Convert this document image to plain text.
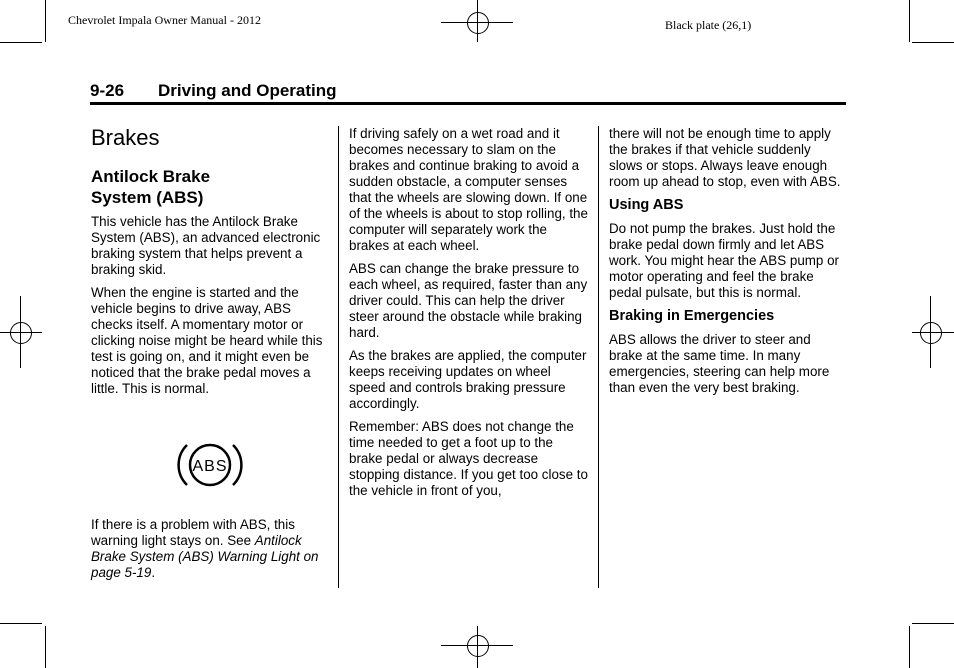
Chevrolet Impala Owner Manual - 2012	Black plate (26,1)
9-26 Driving and Operating
Brakes
Antilock Brake
System (ABS)

This vehicle has the Antilock Brake System (ABS), an advanced electronic braking system that helps prevent a braking skid.

When the engine is started and the vehicle begins to drive away, ABS checks itself. A momentary motor or clicking noise might be heard while this test is going on, and it might even be noticed that the brake pedal moves a little. This is normal.

ABS

If there is a problem with ABS, this warning light stays on. See Antilock Brake System (ABS) Warning Light on page 5-19.

If driving safely on a wet road and it becomes necessary to slam on the brakes and continue braking to avoid a sudden obstacle, a computer senses that the wheels are slowing down. If one of the wheels is about to stop rolling, the computer will separately work the brakes at each wheel.

ABS can change the brake pressure to each wheel, as required, faster than any driver could. This can help the driver steer around the obstacle while braking hard.

As the brakes are applied, the computer keeps receiving updates on wheel speed and controls braking pressure accordingly.

Remember: ABS does not change the time needed to get a foot up to the brake pedal or always decrease stopping distance. If you get too close to the vehicle in front of you,

there will not be enough time to apply the brakes if that vehicle suddenly slows or stops. Always leave enough room up ahead to stop, even with ABS.

Using ABS

Do not pump the brakes. Just hold the brake pedal down firmly and let ABS work. You might hear the ABS pump or motor operating and feel the brake pedal pulsate, but this is normal.

Braking in Emergencies

ABS allows the driver to steer and brake at the same time. In many emergencies, steering can help more than even the very best braking.
